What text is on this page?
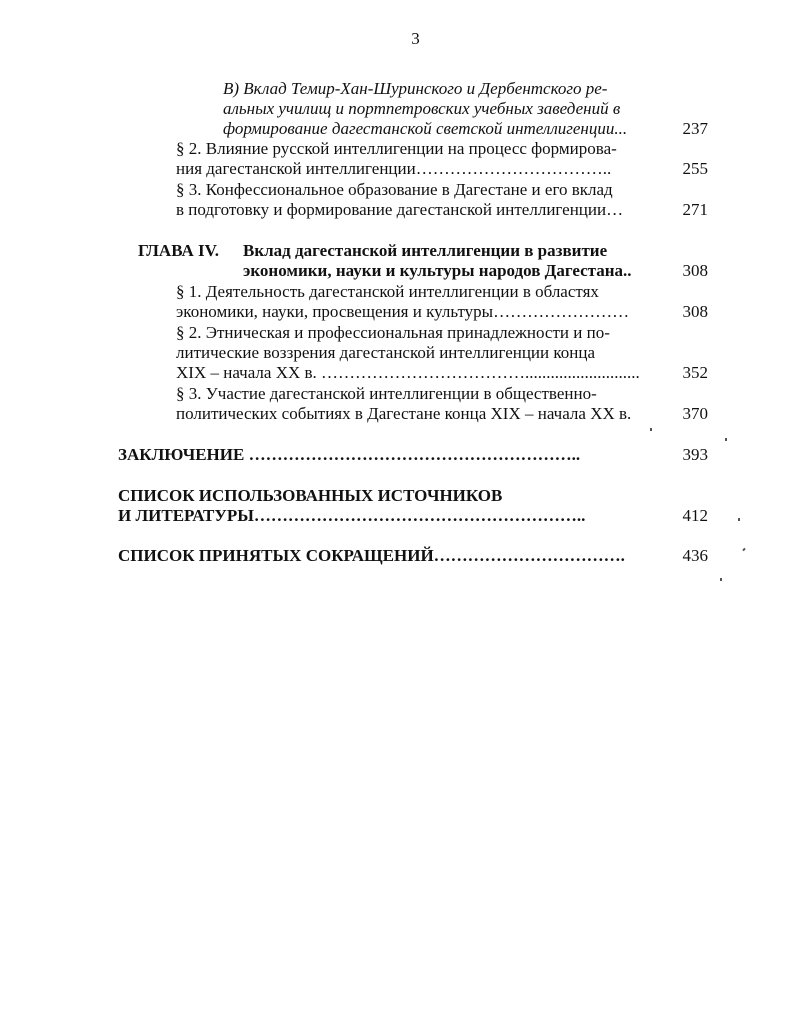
3
В) Вклад Темир-Хан-Шуринского и Дербентского ре-
альных училищ и портпетровских учебных заведений в
формирование дагестанской светской интеллигенции...	237
§ 2. Влияние русской интеллигенции на процесс формирова-
ния дагестанской интеллигенции……………………………..	255
§ 3. Конфессиональное образование в Дагестане и его вклад
в подготовку и формирование дагестанской интеллигенции…	271
ГЛАВА IV. Вклад дагестанской интеллигенции в развитие
экономики, науки и культуры народов Дагестана..	308
§ 1. Деятельность дагестанской интеллигенции в областях
экономики, науки, просвещения и культуры……………………	308
§ 2. Этническая и профессиональная принадлежности и по-
литические воззрения дагестанской интеллигенции конца
XIX – начала XX в. ………………………………...........................	352
§ 3. Участие дагестанской интеллигенции в общественно-
политических событиях в Дагестане конца XIX – начала XX в.	370
ЗАКЛЮЧЕНИЕ …………………………………………………..	393
СПИСОК ИСПОЛЬЗОВАННЫХ ИСТОЧНИКОВ
И ЛИТЕРАТУРЫ…………………………………………………..	412
СПИСОК ПРИНЯТЫХ СОКРАЩЕНИЙ…………………………….	436
